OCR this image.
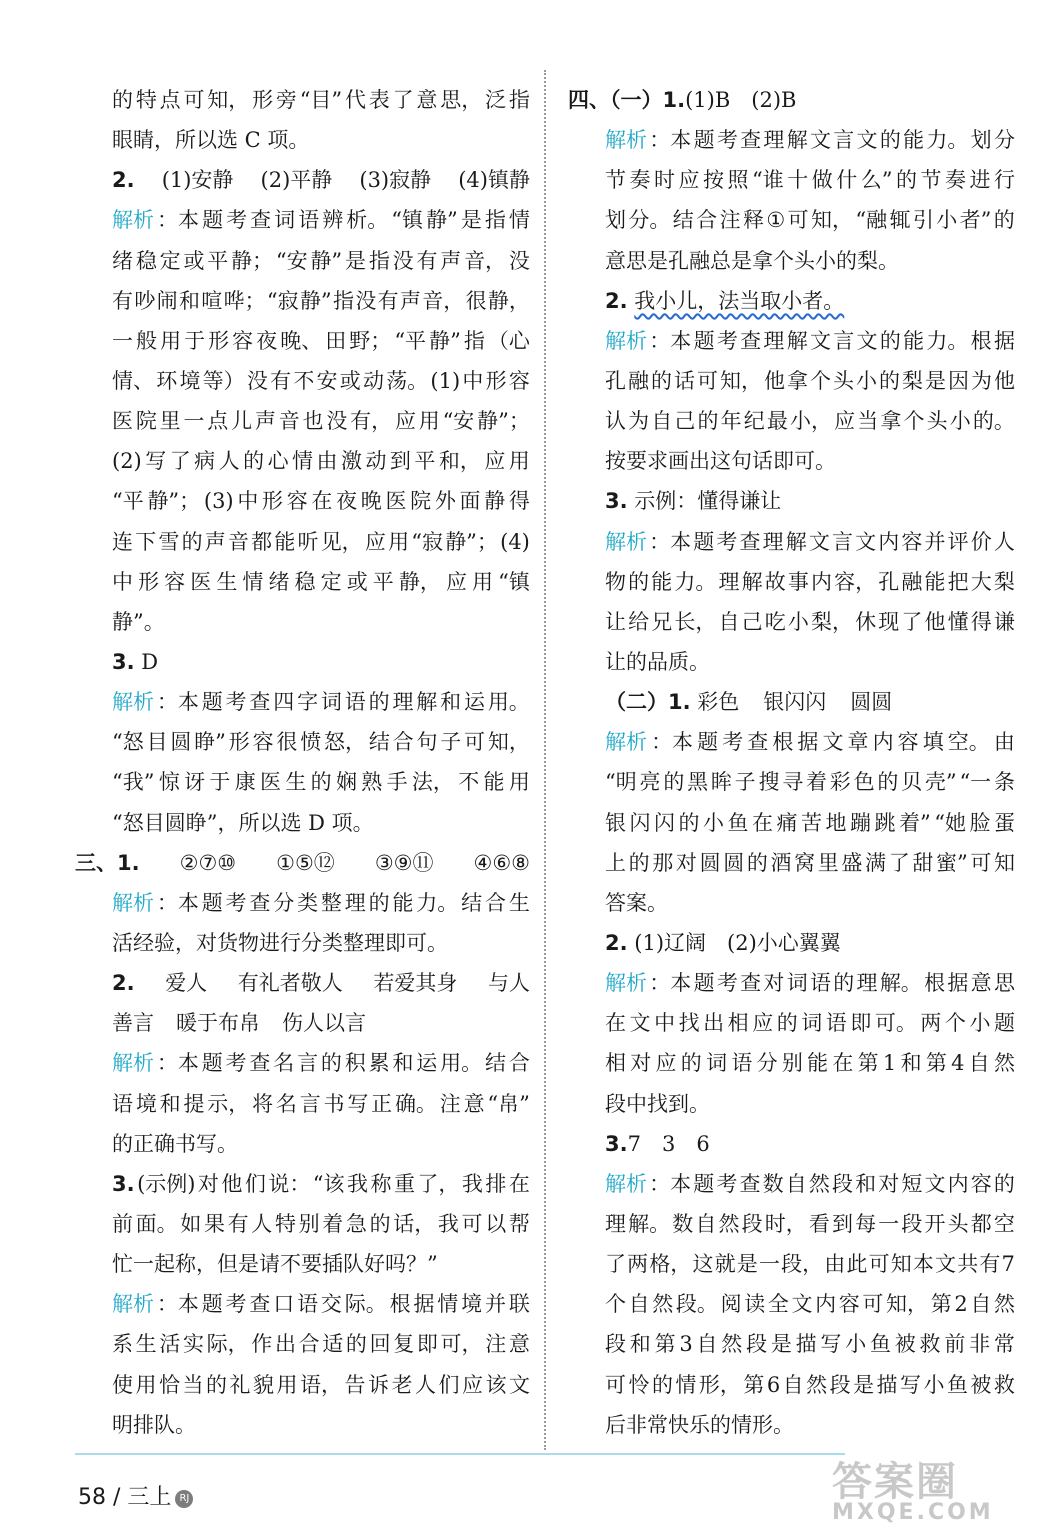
的 特 点 可 知， 形 旁 “目” 代 表 了 意 思， 泛 指
眼睛，所以选 C 项。
2. (1)安静 (2)平静 (3)寂静 (4)镇静
解析 ：本 题 考 查 词 语 辨 析。 “镇 静” 是 指 情
绪 稳 定 或 平 静； “安 静” 是 指 没 有 声 音， 没
有 吵 闹 和 喧 哗； “寂 静” 指 没 有 声 音， 很 静，
一 般 用 于 形 容 夜 晚、 田 野； “平 静” 指 （心
情、 环 境 等） 没 有 不 安 或 动 荡。 (1) 中 形 容
医 院 里 一 点 儿 声 音 也 没 有， 应 用 “安 静”；
(2) 写 了 病 人 的 心 情 由 激 动 到 平 和， 应 用
“平 静”； (3) 中 形 容 在 夜 晚 医 院 外 面 静 得
连 下 雪 的 声 音 都 能 听 见， 应 用 “寂 静”； (4)
中 形 容 医 生 情 绪 稳 定 或 平 静， 应 用 “镇
静”。
3.
D
解析 ：本 题 考 查 四 字 词 语 的 理 解 和 运 用。
“怒 目 圆 睁” 形 容 很 愤 怒， 结 合 句 子 可 知，
“我” 惊 讶 于 康 医 生 的 娴 熟 手 法， 不 能 用
“怒目圆睁”，所以选 D 项。
三、1. ②⑦⑩ ①⑤⑫ ③⑨⑪ ④⑥⑧
解析 ：本 题 考 查 分 类 整 理 的 能 力。 结 合 生
活经验，对货物进行分类整理即可。
2. 爱人 有礼者敬人 若爱其身 与人
善言 暖于布帛 伤人以言
解析 ：本 题 考 查 名 言 的 积 累 和 运 用。 结 合
语 境 和 提 示， 将 名 言 书 写 正 确。 注 意 “帛”
的正确书写。
3. (示例) 对 他 们 说： “该 我 称 重 了， 我 排 在
前 面。 如 果 有 人 特 别 着 急 的 话， 我 可 以 帮
忙一起称，但是请不要插队好吗？”
解析 ：本 题 考 查 口 语 交 际。 根 据 情 境 并 联
系 生 活 实 际， 作 出 合 适 的 回 复 即 可， 注 意
使 用 恰 当 的 礼 貌 用 语， 告 诉 老 人 们 应 该 文
明排队。
四、（一） 1. (1)B　(2)B
解析 ：本 题 考 查 理 解 文 言 文 的 能 力。 划 分
节 奏 时 应 按 照 “谁 十 做 什 么” 的 节 奏 进 行
划 分。 结 合 注 释 ① 可 知， “融 辄 引 小 者” 的
意思是孔融总是拿个头小的梨。
2.
我小儿，法当取小者。
解析 ：本 题 考 查 理 解 文 言 文 的 能 力。 根 据
孔 融 的 话 可 知， 他 拿 个 头 小 的 梨 是 因 为 他
认 为 自 己 的 年 纪 最 小， 应 当 拿 个 头 小 的。
按要求画出这句话即可。
3.
示例：懂得谦让
解析 ：本 题 考 查 理 解 文 言 文 内 容 并 评 价 人
物 的 能 力。 理 解 故 事 内 容， 孔 融 能 把 大 梨
让 给 兄 长， 自 己 吃 小 梨， 休 现 了 他 懂 得 谦
让的品质。
（二） 1.
彩色 银闪闪 圆圆
解析 ：本 题 考 查 根 据 文 章 内 容 填 空。 由
“明 亮 的 黑 眸 子 搜 寻 着 彩 色 的 贝 壳” “一 条
银 闪 闪 的 小 鱼 在 痛 苦 地 蹦 跳 着” “她 脸 蛋
上 的 那 对 圆 圆 的 酒 窝 里 盛 满 了 甜 蜜” 可 知
答案。
2.
(1)辽阔　(2)小心翼翼
解析 ：本 题 考 查 对 词 语 的 理 解。 根 据 意 思
在 文 中 找 出 相 应 的 词 语 即 可。 两 个 小 题
相 对 应 的 词 语 分 别 能 在 第 1 和 第 4 自 然
段中找到。
3. 7　3　6
解析 ：本 题 考 查 数 自 然 段 和 对 短 文 内 容 的
理 解。 数 自 然 段 时， 看 到 每 一 段 开 头 都 空
了 两 格， 这 就 是 一 段， 由 此 可 知 本 文 共 有 7
个 自 然 段。 阅 读 全 文 内 容 可 知， 第 2 自 然
段 和 第 3 自 然 段 是 描 写 小 鱼 被 救 前 非 常
可 怜 的 情 形， 第 6 自 然 段 是 描 写 小 鱼 被 救
后非常快乐的情形。
58 / 三上 RJ	答案圈
MXQE.COM
